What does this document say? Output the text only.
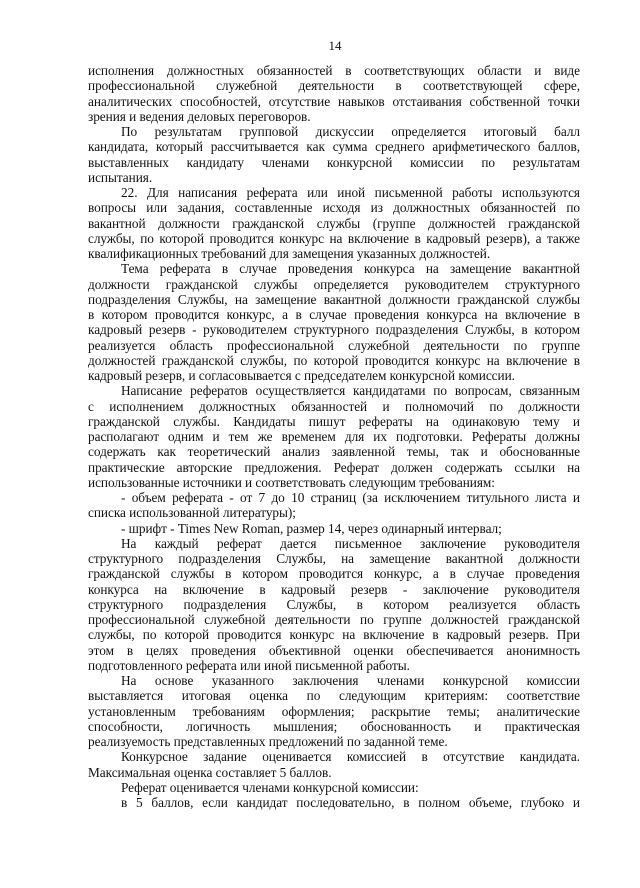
14
исполнения должностных обязанностей в соответствующих области и виде
профессиональной служебной деятельности в соответствующей сфере,
аналитических способностей, отсутствие навыков отстаивания собственной точки
зрения и ведения деловых переговоров.
По результатам групповой дискуссии определяется итоговый балл
кандидата, который рассчитывается как сумма среднего арифметического баллов,
выставленных кандидату членами конкурсной комиссии по результатам
испытания.
22. Для написания реферата или иной письменной работы используются
вопросы или задания, составленные исходя из должностных обязанностей по
вакантной должности гражданской службы (группе должностей гражданской
службы, по которой проводится конкурс на включение в кадровый резерв), а также
квалификационных требований для замещения указанных должностей.
Тема реферата в случае проведения конкурса на замещение вакантной
должности гражданской службы определяется руководителем структурного
подразделения Службы, на замещение вакантной должности гражданской службы
в котором проводится конкурс, а в случае проведения конкурса на включение в
кадровый резерв - руководителем структурного подразделения Службы, в котором
реализуется область профессиональной служебной деятельности по группе
должностей гражданской службы, по которой проводится конкурс на включение в
кадровый резерв, и согласовывается с председателем конкурсной комиссии.
Написание рефератов осуществляется кандидатами по вопросам, связанным
с исполнением должностных обязанностей и полномочий по должности
гражданской службы. Кандидаты пишут рефераты на одинаковую тему и
располагают одним и тем же временем для их подготовки. Рефераты должны
содержать как теоретический анализ заявленной темы, так и обоснованные
практические авторские предложения. Реферат должен содержать ссылки на
использованные источники и соответствовать следующим требованиям:
- объем реферата - от 7 до 10 страниц (за исключением титульного листа и
списка использованной литературы);
- шрифт - Times New Roman, размер 14, через одинарный интервал;
На каждый реферат дается письменное заключение руководителя
структурного подразделения Службы, на замещение вакантной должности
гражданской службы в котором проводится конкурс, а в случае проведения
конкурса на включение в кадровый резерв - заключение руководителя
структурного подразделения Службы, в котором реализуется область
профессиональной служебной деятельности по группе должностей гражданской
службы, по которой проводится конкурс на включение в кадровый резерв. При
этом в целях проведения объективной оценки обеспечивается анонимность
подготовленного реферата или иной письменной работы.
На основе указанного заключения членами конкурсной комиссии
выставляется итоговая оценка по следующим критериям: соответствие
установленным требованиям оформления; раскрытие темы; аналитические
способности, логичность мышления; обоснованность и практическая
реализуемость представленных предложений по заданной теме.
Конкурсное задание оценивается комиссией в отсутствие кандидата.
Максимальная оценка составляет 5 баллов.
Реферат оценивается членами конкурсной комиссии:
в 5 баллов, если кандидат последовательно, в полном объеме, глубоко и
